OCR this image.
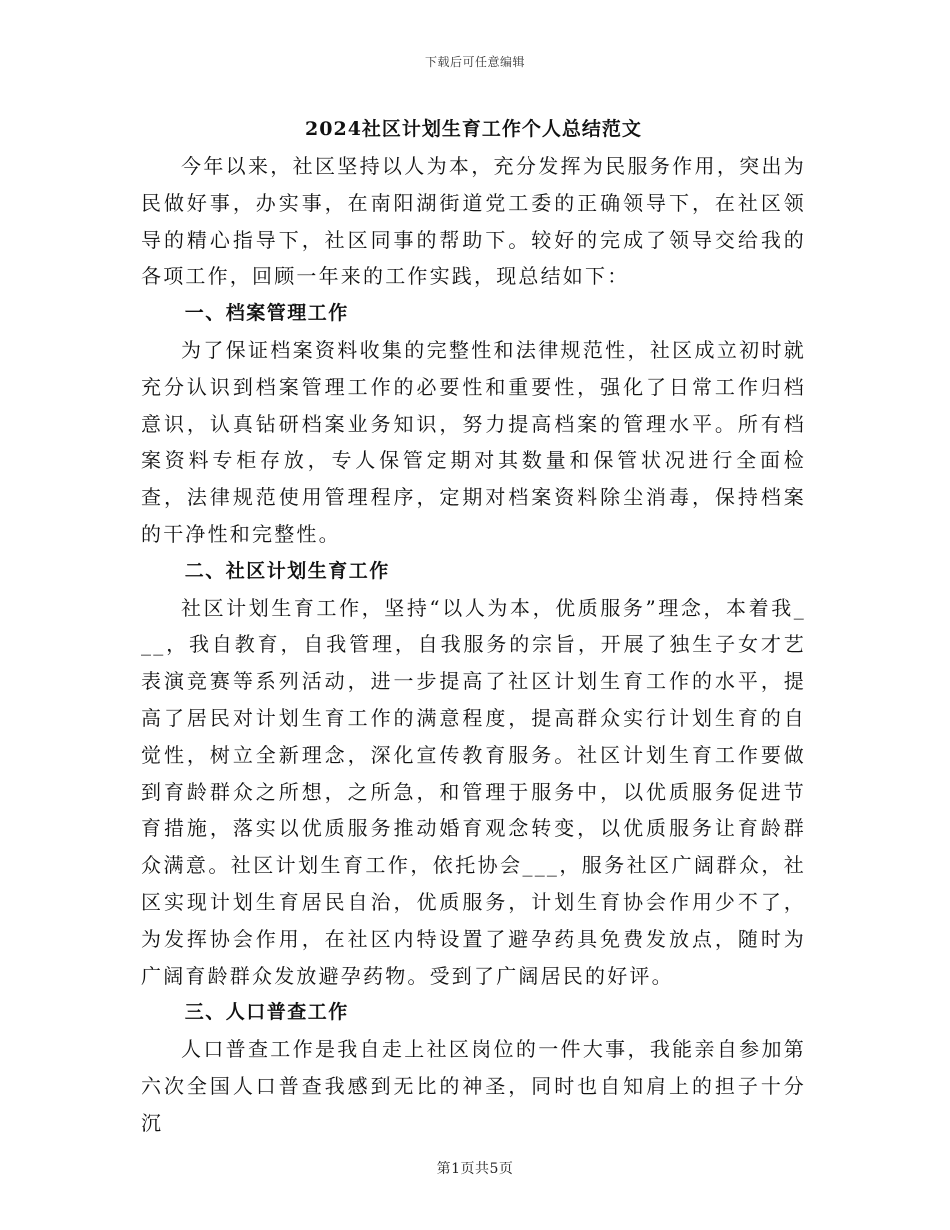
下载后可任意编辑
2024社区计划生育工作个人总结范文

今年以来，社区坚持以人为本，充分发挥为民服务作用，突出为民做好事，办实事，在南阳湖街道党工委的正确领导下，在社区领导的精心指导下，社区同事的帮助下。较好的完成了领导交给我的各项工作，回顾一年来的工作实践，现总结如下：

一、档案管理工作

为了保证档案资料收集的完整性和法律规范性，社区成立初时就充分认识到档案管理工作的必要性和重要性，强化了日常工作归档意识，认真钻研档案业务知识，努力提高档案的管理水平。所有档案资料专柜存放，专人保管定期对其数量和保管状况进行全面检查，法律规范使用管理程序，定期对档案资料除尘消毒，保持档案的干净性和完整性。

二、社区计划生育工作

社区计划生育工作，坚持“以人为本，优质服务”理念，本着我___，我自教育，自我管理，自我服务的宗旨，开展了独生子女才艺表演竞赛等系列活动，进一步提高了社区计划生育工作的水平，提高了居民对计划生育工作的满意程度，提高群众实行计划生育的自觉性，树立全新理念，深化宣传教育服务。社区计划生育工作要做到育龄群众之所想，之所急，和管理于服务中，以优质服务促进节育措施，落实以优质服务推动婚育观念转变，以优质服务让育龄群众满意。社区计划生育工作，依托协会___，服务社区广阔群众，社区实现计划生育居民自治，优质服务，计划生育协会作用少不了，为发挥协会作用，在社区内特设置了避孕药具免费发放点，随时为广阔育龄群众发放避孕药物。受到了广阔居民的好评。

三、人口普查工作

人口普查工作是我自走上社区岗位的一件大事，我能亲自参加第六次全国人口普查我感到无比的神圣，同时也自知肩上的担子十分沉

第1页共5页
